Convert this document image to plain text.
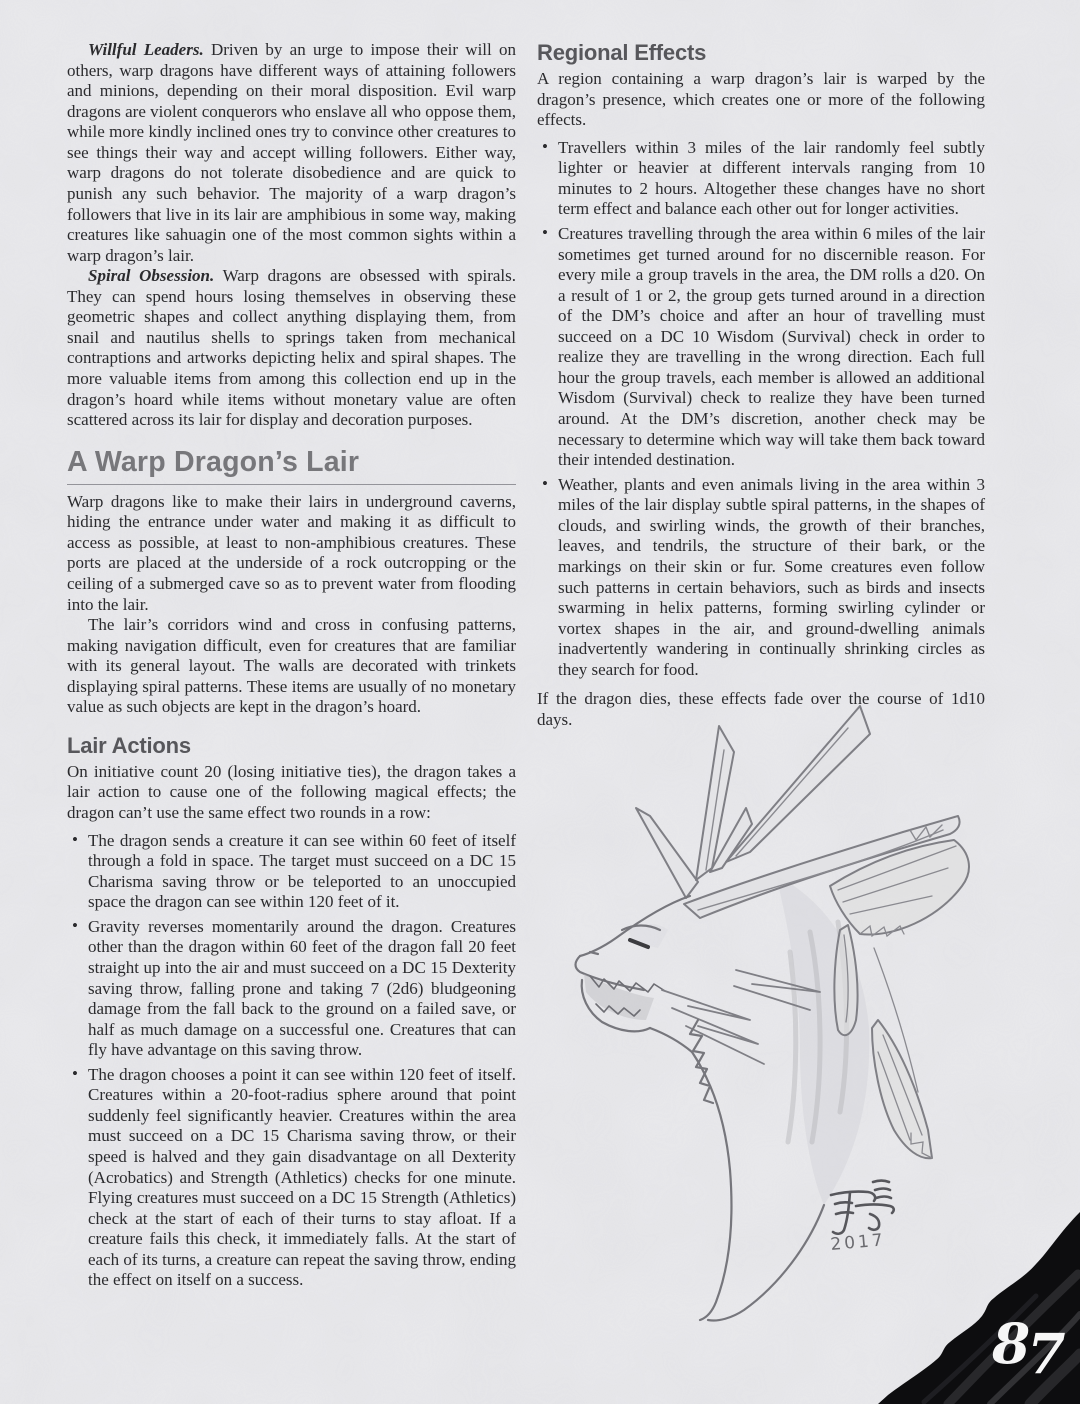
Willful Leaders. Driven by an urge to impose their will on others, warp dragons have different ways of attaining followers and minions, depending on their moral disposition. Evil warp dragons are violent conquerors who enslave all who oppose them, while more kindly inclined ones try to convince other creatures to see things their way and accept willing followers. Either way, warp dragons do not tolerate disobedience and are quick to punish any such behavior. The majority of a warp dragon’s followers that live in its lair are amphibious in some way, making creatures like sahuagin one of the most common sights within a warp dragon’s lair.

Spiral Obsession. Warp dragons are obsessed with spirals. They can spend hours losing themselves in observing these geometric shapes and collect anything displaying them, from snail and nautilus shells to springs taken from mechanical contraptions and artworks depicting helix and spiral shapes. The more valuable items from among this collection end up in the dragon’s hoard while items without monetary value are often scattered across its lair for display and decoration purposes.

A Warp Dragon’s Lair

Warp dragons like to make their lairs in underground caverns, hiding the entrance under water and making it as difficult to access as possible, at least to non-amphibious creatures. These ports are placed at the underside of a rock outcropping or the ceiling of a submerged cave so as to prevent water from flooding into the lair.

The lair’s corridors wind and cross in confusing patterns, making navigation difficult, even for creatures that are familiar with its general layout. The walls are decorated with trinkets displaying spiral patterns. These items are usually of no monetary value as such objects are kept in the dragon’s hoard.

Lair Actions

On initiative count 20 (losing initiative ties), the dragon takes a lair action to cause one of the following magical effects; the dragon can’t use the same effect two rounds in a row:

• The dragon sends a creature it can see within 60 feet of itself through a fold in space. The target must succeed on a DC 15 Charisma saving throw or be teleported to an unoccupied space the dragon can see within 120 feet of it.
• Gravity reverses momentarily around the dragon. Creatures other than the dragon within 60 feet of the dragon fall 20 feet straight up into the air and must succeed on a DC 15 Dexterity saving throw, falling prone and taking 7 (2d6) bludgeoning damage from the fall back to the ground on a failed save, or half as much damage on a successful one. Creatures that can fly have advantage on this saving throw.
• The dragon chooses a point it can see within 120 feet of itself. Creatures within a 20-foot-radius sphere around that point suddenly feel significantly heavier. Creatures within the area must succeed on a DC 15 Charisma saving throw, or their speed is halved and they gain disadvantage on all Dexterity (Acrobatics) and Strength (Athletics) checks for one minute. Flying creatures must succeed on a DC 15 Strength (Athletics) check at the start of each of their turns to stay afloat. If a creature fails this check, it immediately falls. At the start of each of its turns, a creature can repeat the saving throw, ending the effect on itself on a success.
Regional Effects

A region containing a warp dragon’s lair is warped by the dragon’s presence, which creates one or more of the following effects.

• Travellers within 3 miles of the lair randomly feel subtly lighter or heavier at different intervals ranging from 10 minutes to 2 hours. Altogether these changes have no short term effect and balance each other out for longer activities.
• Creatures travelling through the area within 6 miles of the lair sometimes get turned around for no discernible reason. For every mile a group travels in the area, the DM rolls a d20. On a result of 1 or 2, the group gets turned around in a direction of the DM’s choice and after an hour of travelling must succeed on a DC 10 Wisdom (Survival) check in order to realize they are travelling in the wrong direction. Each full hour the group travels, each member is allowed an additional Wisdom (Survival) check to realize they have been turned around. At the DM’s discretion, another check may be necessary to determine which way will take them back toward their intended destination.
• Weather, plants and even animals living in the area within 3 miles of the lair display subtle spiral patterns, in the shapes of clouds, and swirling winds, the growth of their branches, leaves, and tendrils, the structure of their bark, or the markings on their skin or fur. Some creatures even follow such patterns in certain behaviors, such as birds and insects swarming in helix patterns, forming swirling cylinder or vortex shapes in the air, and ground-dwelling animals inadvertently wandering in continually shrinking circles as they search for food.

If the dragon dies, these effects fade over the course of 1d10 days.

2017
87
